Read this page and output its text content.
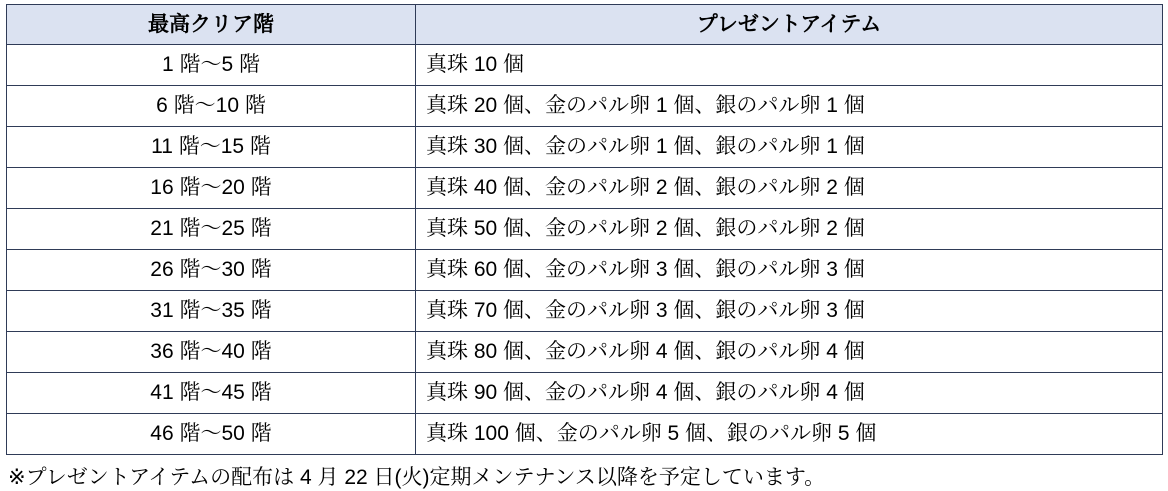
最高クリア階	プレゼントアイテム
1 階～5 階	真珠 10 個
6 階～10 階	真珠 20 個、金のパル卵 1 個、銀のパル卵 1 個
11 階～15 階	真珠 30 個、金のパル卵 1 個、銀のパル卵 1 個
16 階～20 階	真珠 40 個、金のパル卵 2 個、銀のパル卵 2 個
21 階～25 階	真珠 50 個、金のパル卵 2 個、銀のパル卵 2 個
26 階～30 階	真珠 60 個、金のパル卵 3 個、銀のパル卵 3 個
31 階～35 階	真珠 70 個、金のパル卵 3 個、銀のパル卵 3 個
36 階～40 階	真珠 80 個、金のパル卵 4 個、銀のパル卵 4 個
41 階～45 階	真珠 90 個、金のパル卵 4 個、銀のパル卵 4 個
46 階～50 階	真珠 100 個、金のパル卵 5 個、銀のパル卵 5 個
※プレゼントアイテムの配布は 4 月 22 日(火)定期メンテナンス以降を予定しています。
